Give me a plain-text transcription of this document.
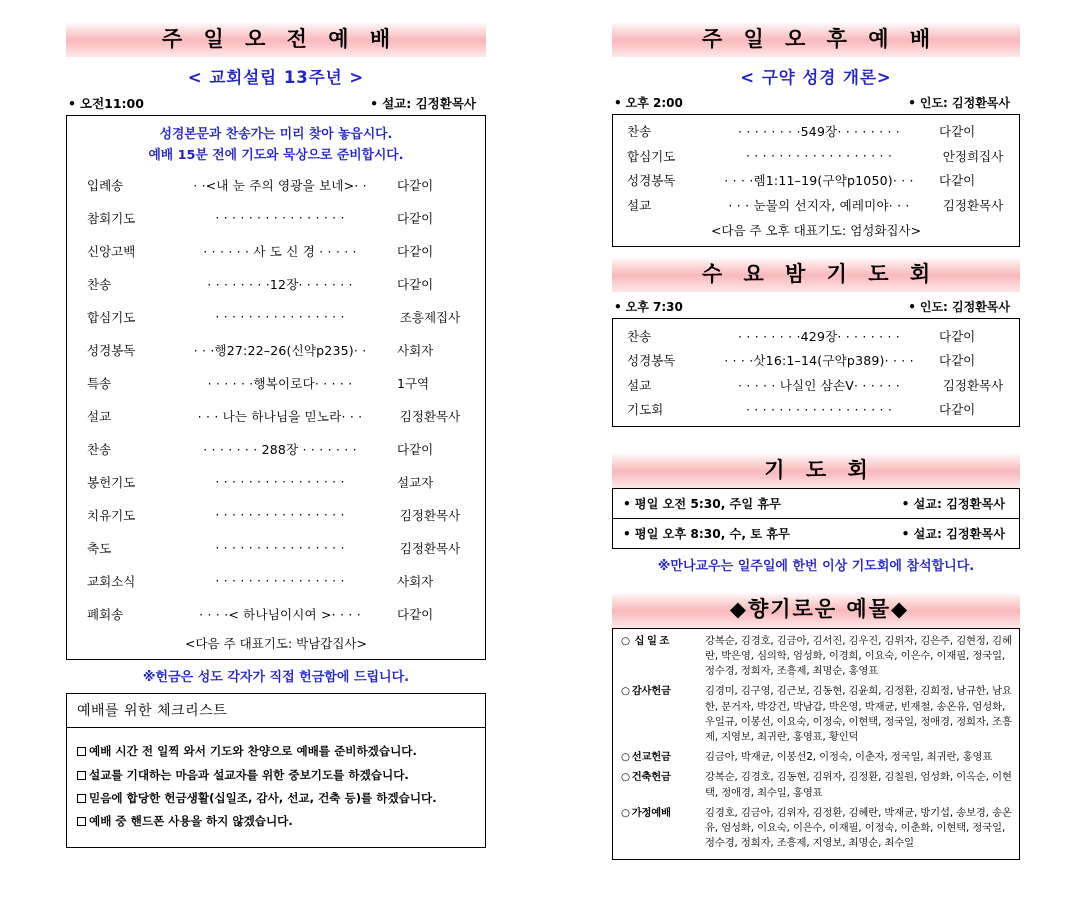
주 일 오 전 예 배
< 교회설립 13주년 >
• 오전11:00	• 설교: 김정환목사
성경본문과 찬송가는 미리 찾아 놓읍시다.
예배 15분 전에 기도와 묵상으로 준비합시다.
입례송	· ·<내 눈 주의 영광을 보네>· ·	다같이
참회기도	· · · · · · · · · · · · · · · ·	다같이
신앙고백	· · · · · · 사 도 신 경 · · · · ·	다같이
찬송	· · · · · · · ·12장· · · · · · ·	다같이
합심기도	· · · · · · · · · · · · · · · ·	조흥제집사
성경봉독	· · ·행27:22–26(신약p235)· ·	사회자
특송	· · · · · ·행복이로다· · · · ·	1구역
설교	· · · 나는 하나님을 믿노라· · ·	김정환목사
찬송	· · · · · · · 288장 · · · · · · ·	다같이
봉헌기도	· · · · · · · · · · · · · · · ·	설교자
치유기도	· · · · · · · · · · · · · · · ·	김정환목사
축도	· · · · · · · · · · · · · · · ·	김정환목사
교회소식	· · · · · · · · · · · · · · · ·	사회자
폐회송	· · · ·< 하나님이시여 >· · · ·	다같이
<다음 주 대표기도: 박남갑집사>
※헌금은 성도 각자가 직접 헌금함에 드립니다.
예배를 위한 체크리스트
예배 시간 전 일찍 와서 기도와 찬양으로 예배를 준비하겠습니다.
설교를 기대하는 마음과 설교자를 위한 중보기도를 하겠습니다.
믿음에 합당한 헌금생활(십일조, 감사, 선교, 건축 등)를 하겠습니다.
예배 중 핸드폰 사용을 하지 않겠습니다.
주 일 오 후 예 배
< 구약 성경 개론>
• 오후 2:00	• 인도: 김정환목사
찬송	· · · · · · · ·549장· · · · · · · ·	다같이
합심기도	· · · · · · · · · · · · · · · · · ·	안정희집사
성경봉독	· · · ·렘1:11–19(구약p1050)· · ·	다같이
설교	· · · 눈물의 선지자, 예레미야· · ·	김정환목사
<다음 주 오후 대표기도: 엄성화집사>
수 요 밤 기 도 회
• 오후 7:30	• 인도: 김정환목사
찬송	· · · · · · · ·429장· · · · · · · ·	다같이
성경봉독	· · · ·삿16:1–14(구약p389)· · · ·	다같이
설교	· · · · · 나실인 삼손V· · · · · ·	김정환목사
기도회	· · · · · · · · · · · · · · · · · ·	다같이
기 도 회
• 평일 오전 5:30, 주일 휴무	• 설교: 김정환목사
• 평일 오후 8:30, 수, 토 휴무	• 설교: 김정환목사
※만나교우는 일주일에 한번 이상 기도회에 참석합니다.
◆향기로운 예물◆
○ 십일조	강복순, 김경호, 김금아, 김서진, 김우진, 김위자, 김은주, 김현정, 김혜란, 박은영, 심의학, 엄성화, 이경희, 이요숙, 이은수, 이재필, 정국일, 정수경, 정희자, 조흥제, 최명순, 홍영표
○ 감사헌금	김경미, 김구영, 김근보, 김동현, 김윤희, 김정환, 김희정, 남규한, 남요한, 문거자, 박강건, 박남갑, 박은영, 박재균, 빈재철, 송온유, 엄성화, 우일규, 이봉선, 이요숙, 이정숙, 이현택, 정국일, 정애경, 정희자, 조흥제, 지영보, 최귀란, 홍영표, 황인덕
○ 선교헌금	김금아, 박재균, 이봉선2, 이정숙, 이춘자, 정국일, 최귀란, 홍영표
○ 건축헌금	강복순, 김경호, 김동현, 김위자, 김정환, 김칠원, 엄성화, 이옥순, 이현택, 정애경, 최수일, 홍영표
○ 가정예배	김경호, 김금아, 김위자, 김정환, 김혜란, 박재균, 방기섭, 송보경, 송온유, 엄성화, 이요숙, 이은수, 이재필, 이정숙, 이춘화, 이현택, 정국일, 정수경, 정희자, 조흥제, 지영보, 최명순, 최수일
